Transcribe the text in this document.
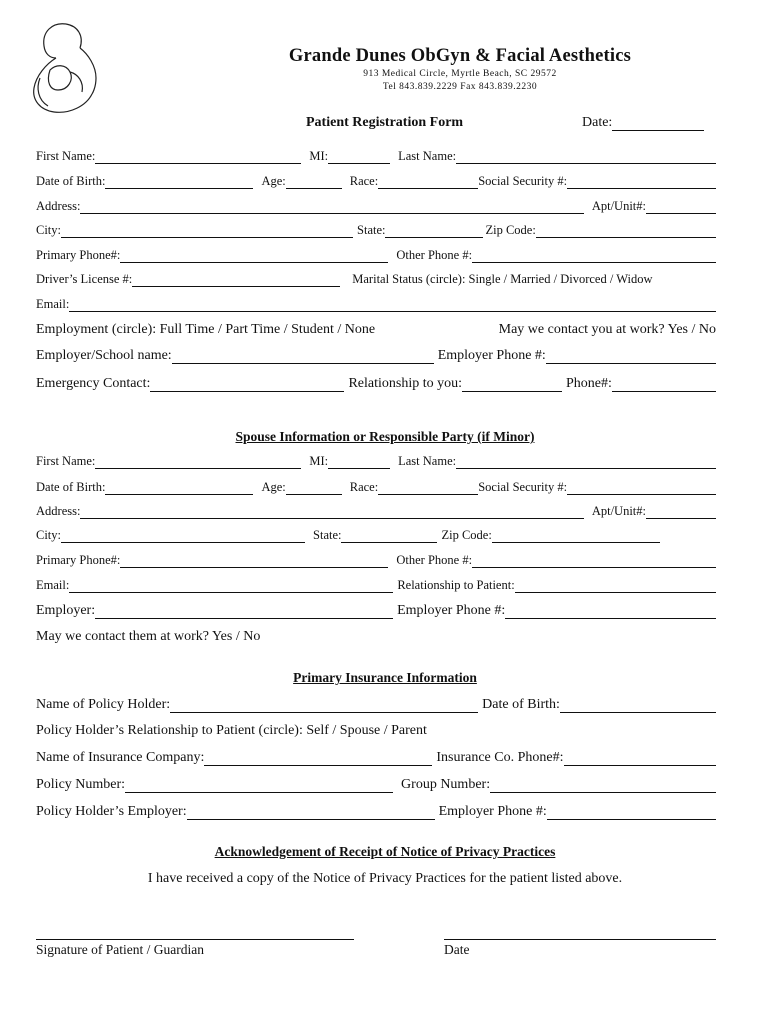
Grande Dunes ObGyn & Facial Aesthetics
913 Medical Circle, Myrtle Beach, SC 29572
Tel 843.839.2229 Fax 843.839.2230
Patient Registration Form	Date:
First Name:	MI:	Last Name:
Date of Birth:	Age:	Race:	Social Security #:
Address:	Apt/Unit#:
City:	State:	Zip Code:
Primary Phone#:	Other Phone #:
Driver’s License #:	Marital Status (circle): Single / Married / Divorced / Widow
Email:
Employment (circle): Full Time / Part Time / Student / None	May we contact you at work? Yes / No
Employer/School name:	Employer Phone #:
Emergency Contact:	Relationship to you:	Phone#:
Spouse Information or Responsible Party (if Minor)
First Name:	MI:	Last Name:
Date of Birth:	Age:	Race:	Social Security #:
Address:	Apt/Unit#:
City:	State:	Zip Code:
Primary Phone#:	Other Phone #:
Email:	Relationship to Patient:
Employer:	Employer Phone #:
May we contact them at work? Yes / No
Primary Insurance Information
Name of Policy Holder:	Date of Birth:
Policy Holder’s Relationship to Patient (circle): Self / Spouse / Parent
Name of Insurance Company:	Insurance Co. Phone#:
Policy Number:	Group Number:
Policy Holder’s Employer:	Employer Phone #:
Acknowledgement of Receipt of Notice of Privacy Practices
I have received a copy of the Notice of Privacy Practices for the patient listed above.
Signature of Patient / Guardian	Date
